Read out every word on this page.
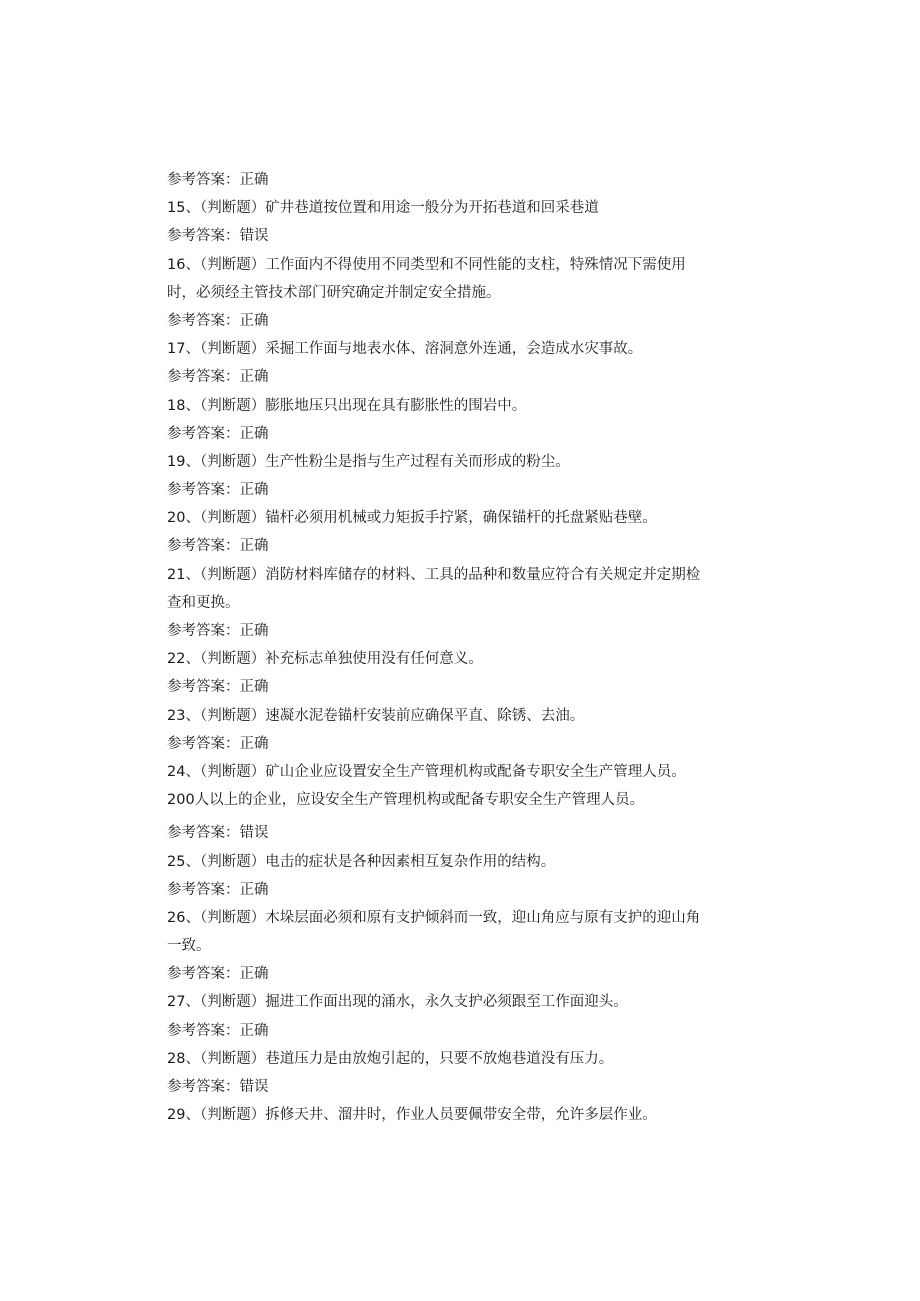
参考答案：正确
15、（判断题）矿井巷道按位置和用途一般分为开拓巷道和回采巷道
参考答案：错误
16、（判断题）工作面内不得使用不同类型和不同性能的支柱，特殊情况下需使用
时，必须经主管技术部门研究确定并制定安全措施。
参考答案：正确
17、（判断题）采掘工作面与地表水体、溶洞意外连通，会造成水灾事故。
参考答案：正确
18、（判断题）膨胀地压只出现在具有膨胀性的围岩中。
参考答案：正确
19、（判断题）生产性粉尘是指与生产过程有关而形成的粉尘。
参考答案：正确
20、（判断题）锚杆必须用机械或力矩扳手拧紧，确保锚杆的托盘紧贴巷壁。
参考答案：正确
21、（判断题）消防材料库储存的材料、工具的品种和数量应符合有关规定并定期检
查和更换。
参考答案：正确
22、（判断题）补充标志单独使用没有任何意义。
参考答案：正确
23、（判断题）速凝水泥卷锚杆安装前应确保平直、除锈、去油。
参考答案：正确
24、（判断题）矿山企业应设置安全生产管理机构或配备专职安全生产管理人员。
200人以上的企业，应设安全生产管理机构或配备专职安全生产管理人员。
参考答案：错误
25、（判断题）电击的症状是各种因素相互复杂作用的结构。
参考答案：正确
26、（判断题）木垛层面必须和原有支护倾斜而一致，迎山角应与原有支护的迎山角
一致。
参考答案：正确
27、（判断题）掘进工作面出现的涌水，永久支护必须跟至工作面迎头。
参考答案：正确
28、（判断题）巷道压力是由放炮引起的，只要不放炮巷道没有压力。
参考答案：错误
29、（判断题）拆修天井、溜井时，作业人员要佩带安全带，允许多层作业。
